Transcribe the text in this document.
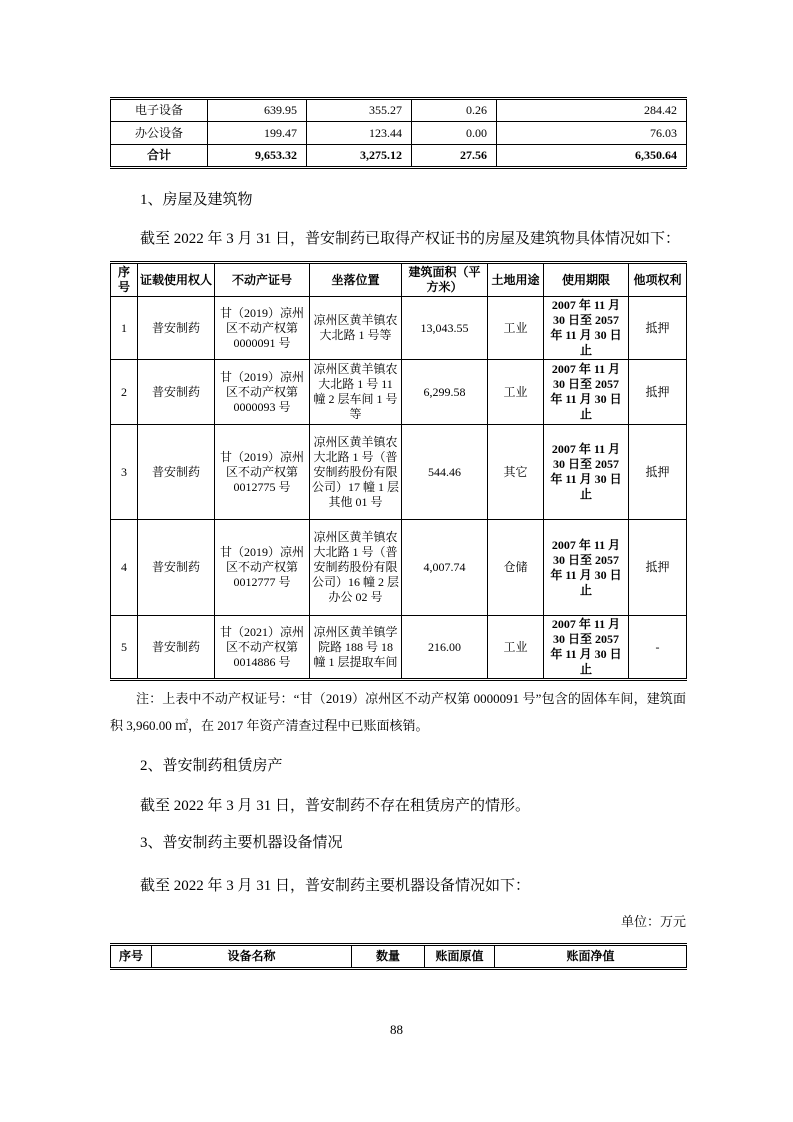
电子设备	639.95	355.27	0.26	284.42
办公设备	199.47	123.44	0.00	76.03
合计	9,653.32	3,275.12	27.56	6,350.64
1、房屋及建筑物

截至 2022 年 3 月 31 日，普安制药已取得产权证书的房屋及建筑物具体情况如下：

序号	证载使用权人	不动产证号	坐落位置	建筑面积（平方米）	土地用途	使用期限	他项权利
1	普安制药	甘（2019）凉州区不动产权第 0000091 号	凉州区黄羊镇农大北路 1 号等	13,043.55	工业	2007 年 11 月 30 日至 2057 年 11 月 30 日止	抵押
2	普安制药	甘（2019）凉州区不动产权第 0000093 号	凉州区黄羊镇农大北路 1 号 11 幢 2 层车间 1 号等	6,299.58	工业	2007 年 11 月 30 日至 2057 年 11 月 30 日止	抵押
3	普安制药	甘（2019）凉州区不动产权第 0012775 号	凉州区黄羊镇农大北路 1 号（普安制药股份有限公司）17 幢 1 层其他 01 号	544.46	其它	2007 年 11 月 30 日至 2057 年 11 月 30 日止	抵押
4	普安制药	甘（2019）凉州区不动产权第 0012777 号	凉州区黄羊镇农大北路 1 号（普安制药股份有限公司）16 幢 2 层办公 02 号	4,007.74	仓储	2007 年 11 月 30 日至 2057 年 11 月 30 日止	抵押
5	普安制药	甘（2021）凉州区不动产权第 0014886 号	凉州区黄羊镇学院路 188 号 18 幢 1 层提取车间	216.00	工业	2007 年 11 月 30 日至 2057 年 11 月 30 日止	-

注：上表中不动产权证号：“甘（2019）凉州区不动产权第 0000091 号”包含的固体车间，建筑面积 3,960.00 ㎡，在 2017 年资产清查过程中已账面核销。

2、普安制药租赁房产

截至 2022 年 3 月 31 日，普安制药不存在租赁房产的情形。

3、普安制药主要机器设备情况

截至 2022 年 3 月 31 日，普安制药主要机器设备情况如下：

单位：万元
序号	设备名称	数量	账面原值	账面净值
88
